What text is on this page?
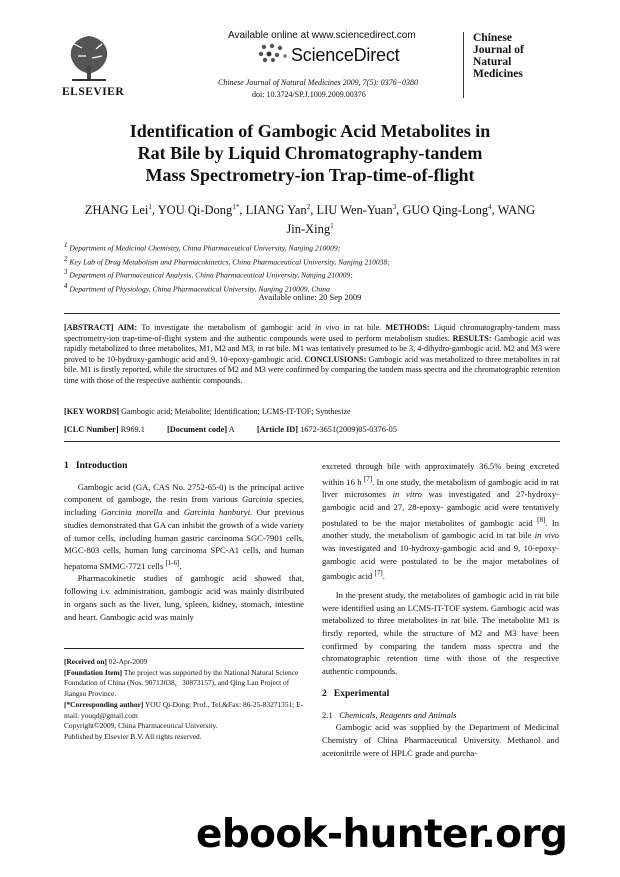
ELSEVIER
Available online at www.sciencedirect.com
ScienceDirect
Chinese Journal of Natural Medicines 2009, 7(5): 0376−0380
doi: 10.3724/SP.J.1009.2009.00376
Chinese
Journal of
Natural
Medicines
Identification of Gambogic Acid Metabolites in
Rat Bile by Liquid Chromatography-tandem
Mass Spectrometry-ion Trap-time-of-flight
ZHANG Lei$^1$, YOU Qi-Dong$^{1*}$, LIANG Yan$^2$, LIU Wen-Yuan$^3$, GUO Qing-Long$^4$, WANG
Jin-Xing$^1$
$^1$ Department of Medicinal Chemistry, China Pharmaceutical University, Nanjing 210009;
$^2$ Key Lab of Drug Metabolism and Pharmacokinetics, China Pharmaceutical University, Nanjing 210038;
$^3$ Department of Pharmaceutical Analysis, China Pharmaceutical University, Nanjing 210009;
$^4$ Department of Physiology, China Pharmaceutical University, Nanjing 210009, China
Available online: 20 Sep 2009
[ABSTRACT] AIM: To investigate the metabolism of gambogic acid in vivo in rat bile. METHODS: Liquid chromatography-tandem mass spectrometry-ion trap-time-of-flight system and the authentic compounds were used to perform metabolism studies. RESULTS: Gambogic acid was rapidly metabolized to three metabolites, M1, M2 and M3, in rat bile. M1 was tentatively presumed to be 3, 4-dihydro-gambogic acid. M2 and M3 were proved to be 10-hydroxy-gambogic acid and 9, 10-epoxy-gambogic acid. CONCLUSIONS: Gambogic acid was metabolized to three metabolites in rat bile. M1 is firstly reported, while the structures of M2 and M3 were confirmed by comparing the tandem mass spectra and the chromatographic retention time with those of the respective authentic compounds.
[KEY WORDS] Gambogic acid; Metabolite; Identification; LCMS-IT-TOF; Synthesize
[CLC Number] R969.1	[Document code] A	[Article ID] 1672-3651(2009)05-0376-05
1 Introduction
Gambogic acid (GA, CAS No. 2752-65-0) is the principal active component of gamboge, the resin from various Garcinia species, including Garcinia morella and Garcinia hanburyi. Our previous studies demonstrated that GA can inhibit the growth of a wide variety of tumor cells, including human gastric carcinoma SGC-7901 cells, MGC-803 cells, human lung carcinoma SPC-A1 cells, and human hepatoma SMMC-7721 cells [1-6].
Pharmacokinetic studies of gambogic acid showed that, following i.v. administration, gambogic acid was mainly distributed in organs such as the liver, lung, spleen, kidney, stomach, intestine and heart. Gambogic acid was mainly
[Received on] 02-Apr-2009
[Foundation Item] The project was supported by the National Natural Science Foundation of China (Nos. 90713038，30873157), and Qing Lan Project of Jiangsu Province.
[*Corresponding author] YOU Qi-Dong: Prof., Tel.&Fax: 86-25-83271351; E-mail: youqd@gmail.com
Copyright©2009, China Pharmaceutical University.
Published by Elsevier B.V. All rights reserved.
excreted through bile with approximately 36.5% being excreted within 16 h [7]. In one study, the metabolism of gambogic acid in rat liver microsomes in vitro was investigated and 27-hydroxy-gambogic acid and 27, 28-epoxy- gambogic acid were tentatively postulated to be the major metabolites of gambogic acid [8]. In another study, the metabolism of gambogic acid in rat bile in vivo was investigated and 10-hydroxy-gambogic acid and 9, 10-epoxy-gambogic acid were postulated to be the major metabolites of gambogic acid [7].
In the present study, the metabolites of gambogic acid in rat bile were identified using an LCMS-IT-TOF system. Gambogic acid was metabolized to three metabolites in rat bile. The metabolite M1 is firstly reported, while the structure of M2 and M3 have been confirmed by comparing the tandem mass spectra and the chromatographic retention time with those of the respective authentic compounds.
2 Experimental
2.1 Chemicals, Reagents and Animals
Gambogic acid was supplied by the Department of Medicinal Chemistry of China Pharmaceutical University. Methanol and acetonitrile were of HPLC grade and purcha-
ebook-hunter.org
